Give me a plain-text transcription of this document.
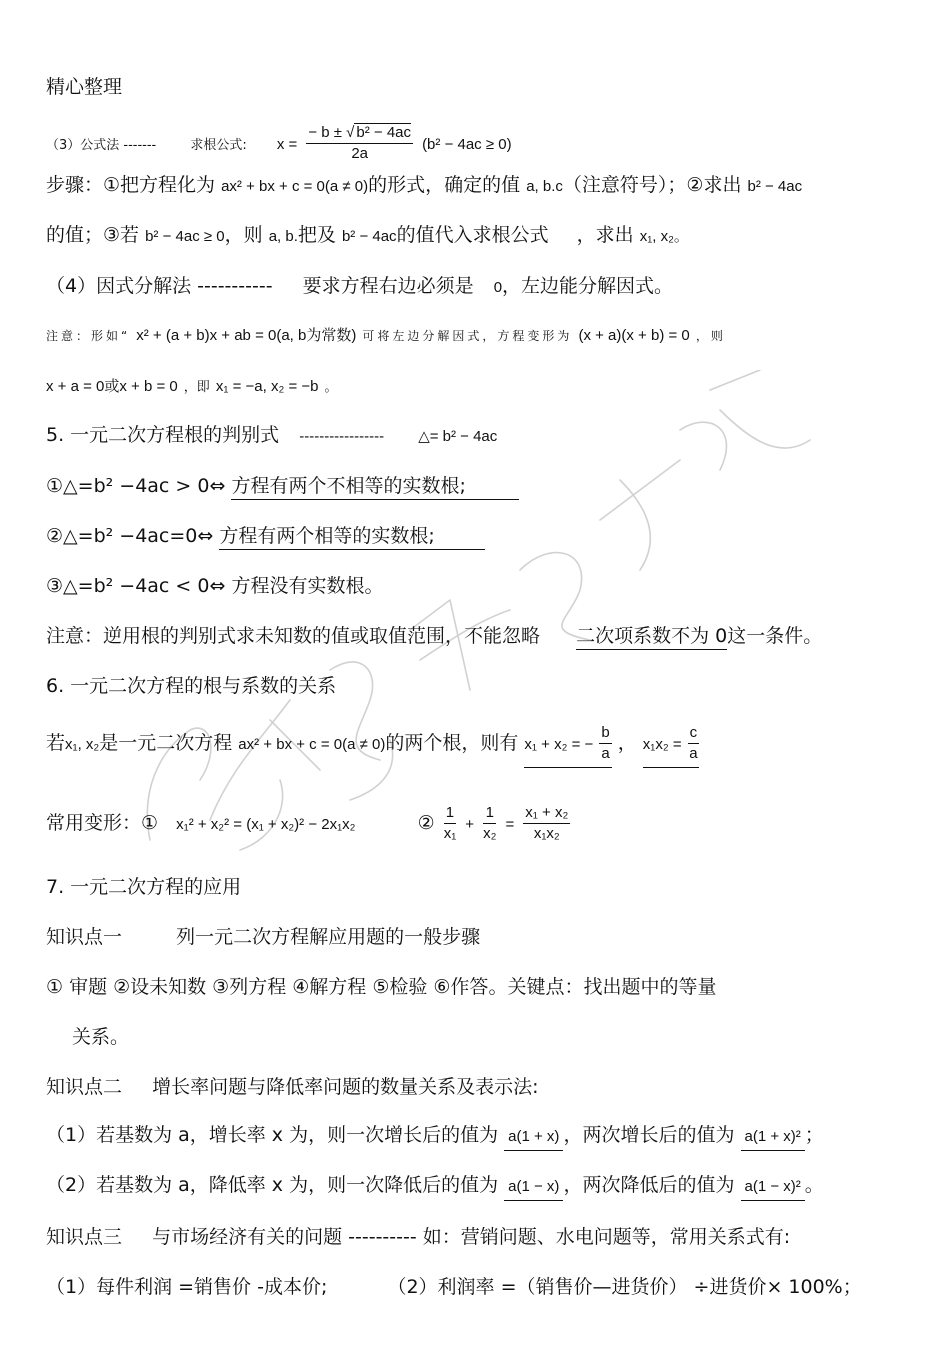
精心整理
（3）公式法 -------	求根公式: $x = \frac{\text{− b ± √ b² − 4ac}}{2a} (b^2 - 4ac \ge 0)$
步骤：①把方程化为 ax² + bx + c = 0(a ≠ 0)的形式，确定的值 a, b.c（注意符号）；②求出 b² − 4ac
的值；③若 b² − 4ac ≥ 0，则 a, b.把及 b² − 4ac的值代入求根公式 ，求出 x₁, x₂。
（4）因式分解法 ----------- 要求方程右边必须是 0，左边能分解因式。
注意：形如“ x² + (a + b)x + ab = 0(a, b为常数) 可将左边分解因式，方程变形为 (x + a)(x + b) = 0 ，则
x + a = 0或x + b = 0 ，即 x₁ = −a, x₂ = −b 。
5. 一元二次方程根的判别式 ----------------- △= b² − 4ac
①△=b² −4ac > 0⇔ 方程有两个不相等的实数根;
②△=b² −4ac=0⇔ 方程有两个相等的实数根;
③△=b² −4ac < 0⇔ 方程没有实数根。
注意：逆用根的判别式求未知数的值或取值范围，不能忽略 二次项系数不为 0这一条件。
6. 一元二次方程的根与系数的关系
若x₁, x₂是一元二次方程 ax² + bx + c = 0(a ≠ 0)的两个根，则有 x₁ + x₂ = − $\frac{b}{a}$ ， $x_1x_2 = \frac{c}{a}$
常用变形：① x₁² + x₂² = (x₁ + x₂)² − 2x₁x₂	② $\frac{1}{\text{x₁}} + \frac{1}{\text{x₂}} = \frac{\text{x₁ + x₂}}{\text{x₁x₂}}$
7. 一元二次方程的应用
知识点一	列一元二次方程解应用题的一般步骤
① 审题 ②设未知数 ③列方程 ④解方程 ⑤检验 ⑥作答。关键点：找出题中的等量
关系。
知识点二 增长率问题与降低率问题的数量关系及表示法:
（1）若基数为 a，增长率 x 为，则一次增长后的值为 a(1 + x) ，两次增长后的值为 a(1 + x)² ；
（2）若基数为 a，降低率 x 为，则一次降低后的值为 a(1 − x) ，两次降低后的值为 a(1 − x)² 。
知识点三 与市场经济有关的问题 ---------- 如：营销问题、水电问题等，常用关系式有:
（1）每件利润 =销售价 -成本价;	（2）利润率 =（销售价—进货价） ÷进货价× 100%；
